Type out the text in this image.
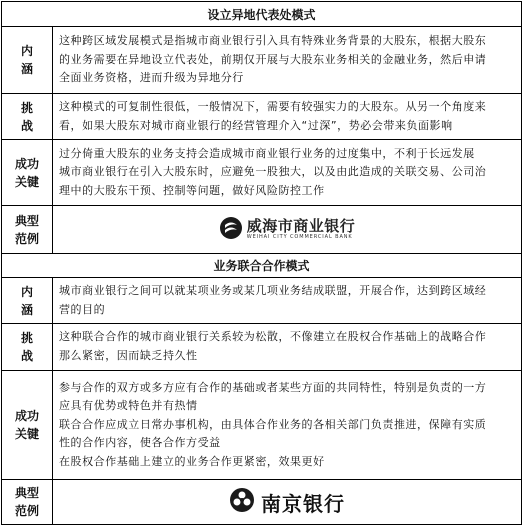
设立异地代表处模式
内
涵

这种跨区域发展模式是指城市商业银行引入具有特殊业务背景的大股东，根据大股东

的业务需要在异地设立代表处，前期仅开展与大股东业务相关的金融业务，然后申请

全面业务资格，进而升级为异地分行

挑
战

这种模式的可复制性很低，一般情况下，需要有较强实力的大股东。从另一个角度来

看，如果大股东对城市商业银行的经营管理介入“过深”，势必会带来负面影响

成功
关键

过分倚重大股东的业务支持会造成城市商业银行业务的过度集中，不利于长远发展

城市商业银行在引入大股东时，应避免一股独大，以及由此造成的关联交易、公司治

理中的大股东干预、控制等问题，做好风险防控工作

典型
范例
威海市商业银行
WEIHAI CITY COMMERCIAL BANK
业务联合合作模式
内
涵

城市商业银行之间可以就某项业务或某几项业务结成联盟，开展合作，达到跨区域经

营的目的

挑
战

这种联合合作的城市商业银行关系较为松散，不像建立在股权合作基础上的战略合作

那么紧密，因而缺乏持久性

成功
关键

参与合作的双方或多方应有合作的基础或者某些方面的共同特性，特别是负责的一方

应具有优势或特色并有热情

联合合作应成立日常办事机构，由具体合作业务的各相关部门负责推进，保障有实质

性的合作内容，使各合作方受益

在股权合作基础上建立的业务合作更紧密，效果更好

典型
范例	南京银行
